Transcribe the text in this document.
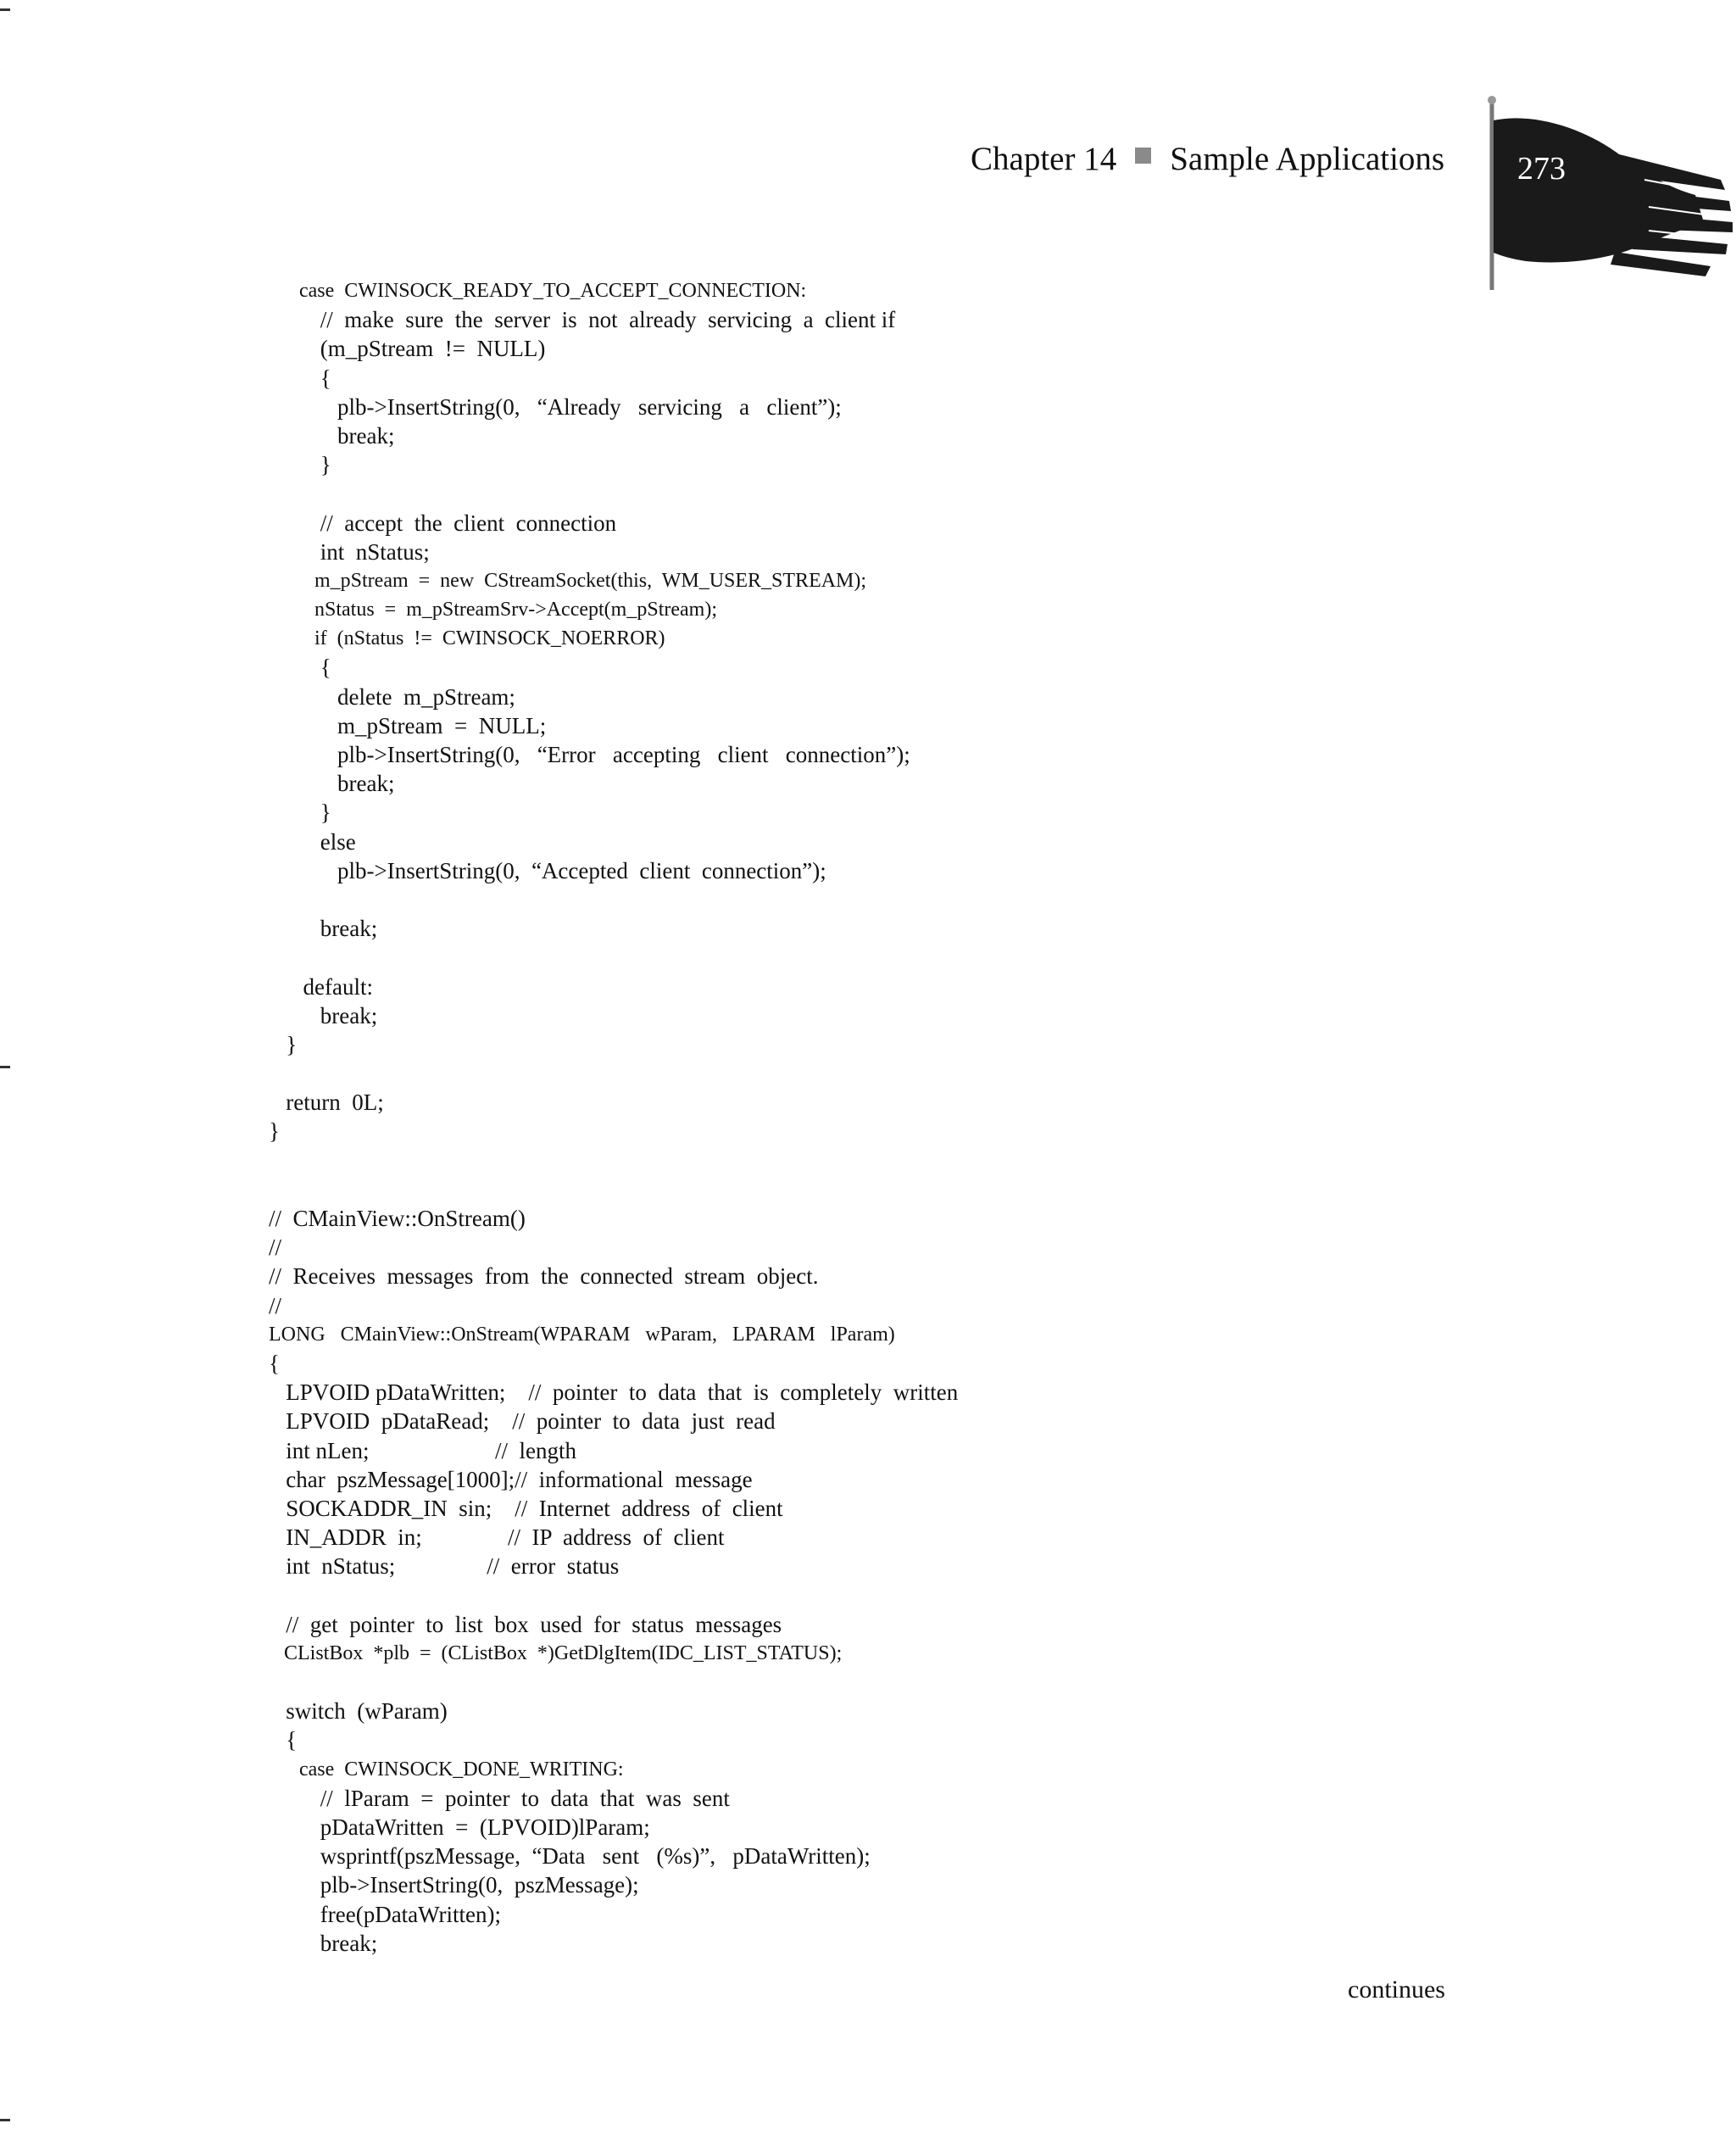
Chapter 14 Sample Applications 273
case  CWINSOCK_READY_TO_ACCEPT_CONNECTION:
//  make  sure  the  server  is  not  already  servicing  a  client if
(m_pStream  !=  NULL)
{
plb->InsertString(0,   “Already   servicing   a   client”);
break;
}
//  accept  the  client  connection
int  nStatus;
m_pStream  =  new  CStreamSocket(this,  WM_USER_STREAM);
nStatus  =  m_pStreamSrv->Accept(m_pStream);
if  (nStatus  !=  CWINSOCK_NOERROR)
{
delete  m_pStream;
m_pStream  =  NULL;
plb->InsertString(0,   “Error   accepting   client   connection”);
break;
}
else
plb->InsertString(0,  “Accepted  client  connection”);
break;
default:
break;
}
return  0L;
}
//  CMainView::OnStream()
//
//  Receives  messages  from  the  connected  stream  object.
//
LONG   CMainView::OnStream(WPARAM   wParam,   LPARAM   lParam)
{
LPVOID pDataWritten;    //  pointer  to  data  that  is  completely  written
LPVOID  pDataRead;    //  pointer  to  data  just  read
int nLen;                      //  length
char  pszMessage[1000];//  informational  message
SOCKADDR_IN  sin;    //  Internet  address  of  client
IN_ADDR  in;               //  IP  address  of  client
int  nStatus;                //  error  status
//  get  pointer  to  list  box  used  for  status  messages
CListBox  *plb  =  (CListBox  *)GetDlgItem(IDC_LIST_STATUS);
switch  (wParam)
{
case  CWINSOCK_DONE_WRITING:
//  lParam  =  pointer  to  data  that  was  sent
pDataWritten  =  (LPVOID)lParam;
wsprintf(pszMessage,  “Data   sent   (%s)”,   pDataWritten);
plb->InsertString(0,  pszMessage);
free(pDataWritten);
break;
continues
